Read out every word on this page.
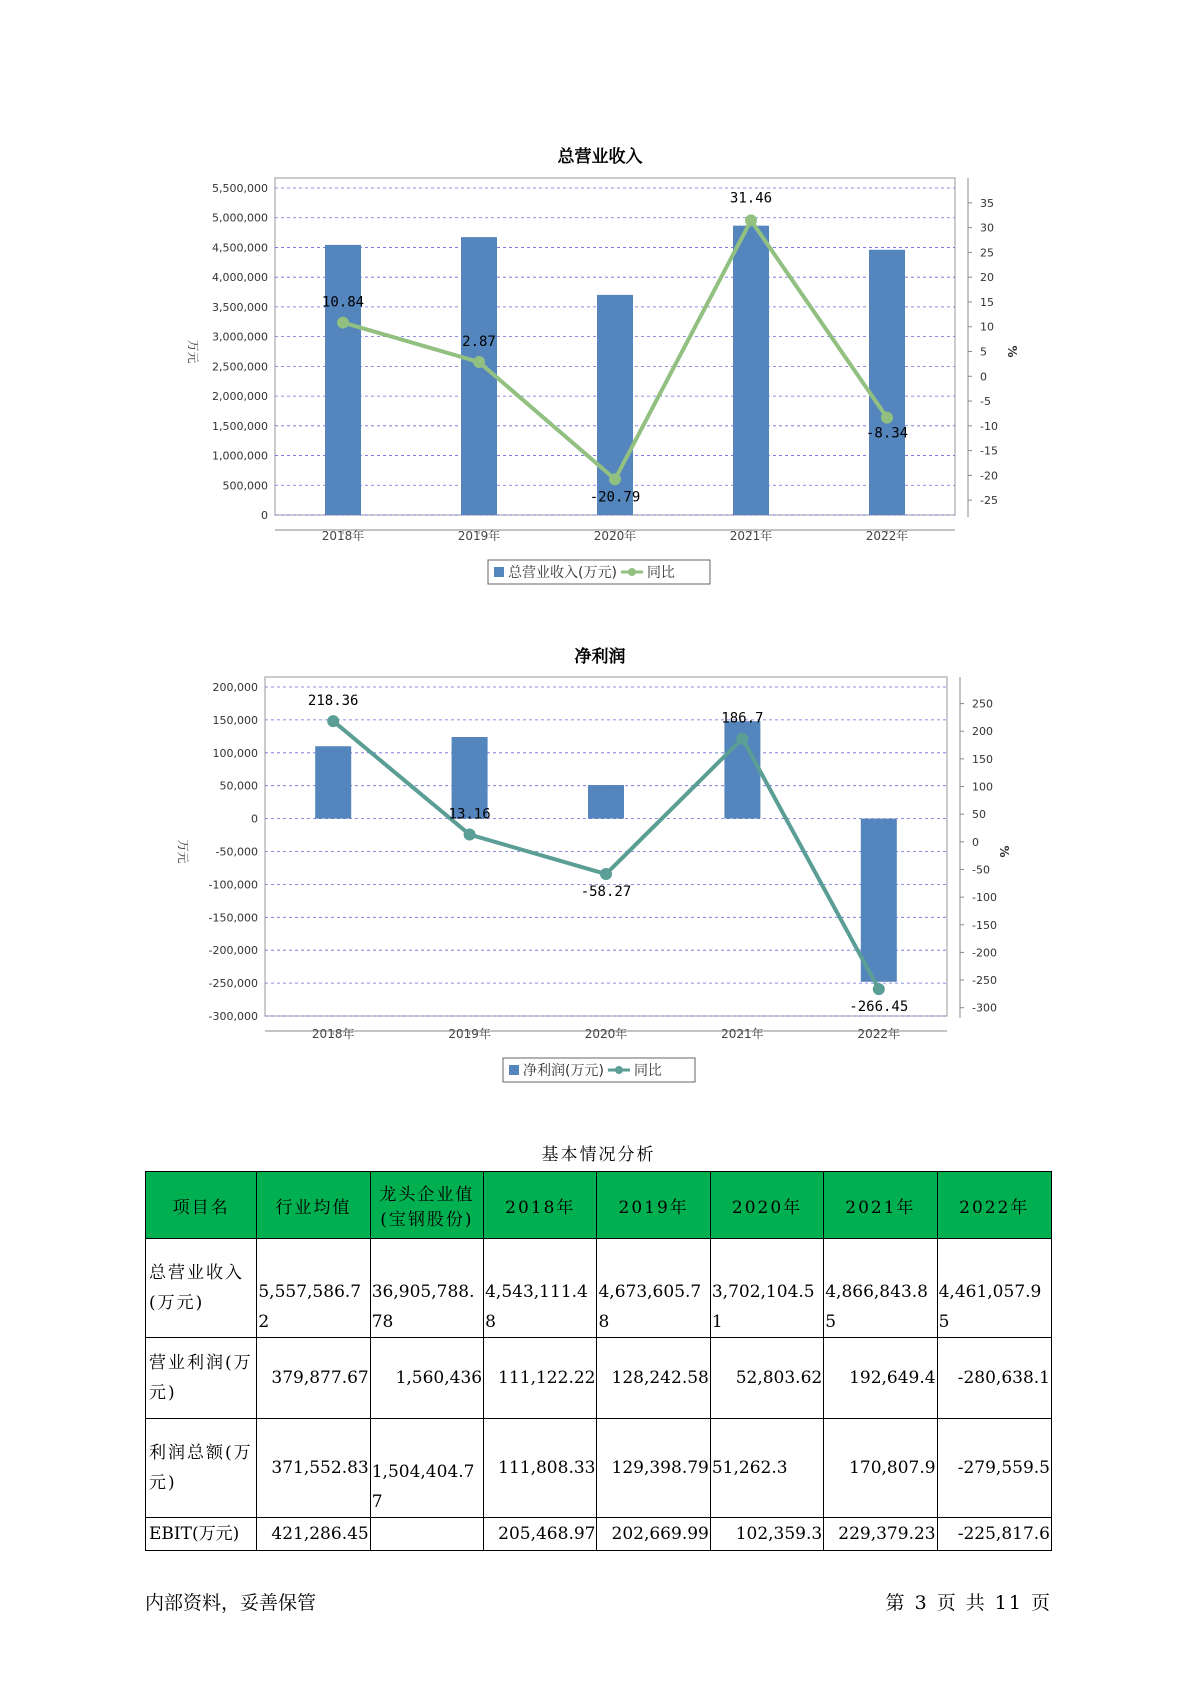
总营业收入
0
500,000
1,000,000
1,500,000
2,000,000
2,500,000
3,000,000
3,500,000
4,000,000
4,500,000
5,000,000
5,500,000
35
30
25
20
15
10
5
0
-5
-10
-15
-20
-25
万元	%
2018年	2019年	2020年	2021年	2022年
10.84
2.87
-20.79
31.46
-8.34
总营业收入(万元) 同比
净利润
200,000
150,000
100,000
50,000
0
-50,000
-100,000
-150,000
-200,000
-250,000
-300,000
250
200
150
100
50
0
-50
-100
-150
-200
-250
-300
万元	%
2018年	2019年	2020年	2021年	2022年
218.36
13.16
-58.27
186.7
-266.45
净利润(万元) 同比
基本情况分析
项目名	行业均值	龙头企业值(宝钢股份)	2018年	2019年	2020年	2021年	2022年
总营业收入(万元)	5,557,586.72	36,905,788.78	4,543,111.48	4,673,605.78	3,702,104.51	4,866,843.85	4,461,057.95
营业利润(万元)	379,877.67	1,560,436	111,122.22	128,242.58	52,803.62	192,649.4	-280,638.1
利润总额(万元)	371,552.83	1,504,404.77	111,808.33	129,398.79	51,262.3	170,807.9	-279,559.5
EBIT(万元)	421,286.45		205,468.97	202,669.99	102,359.3	229,379.23	-225,817.6
内部资料，妥善保管	第 3 页 共 11 页
